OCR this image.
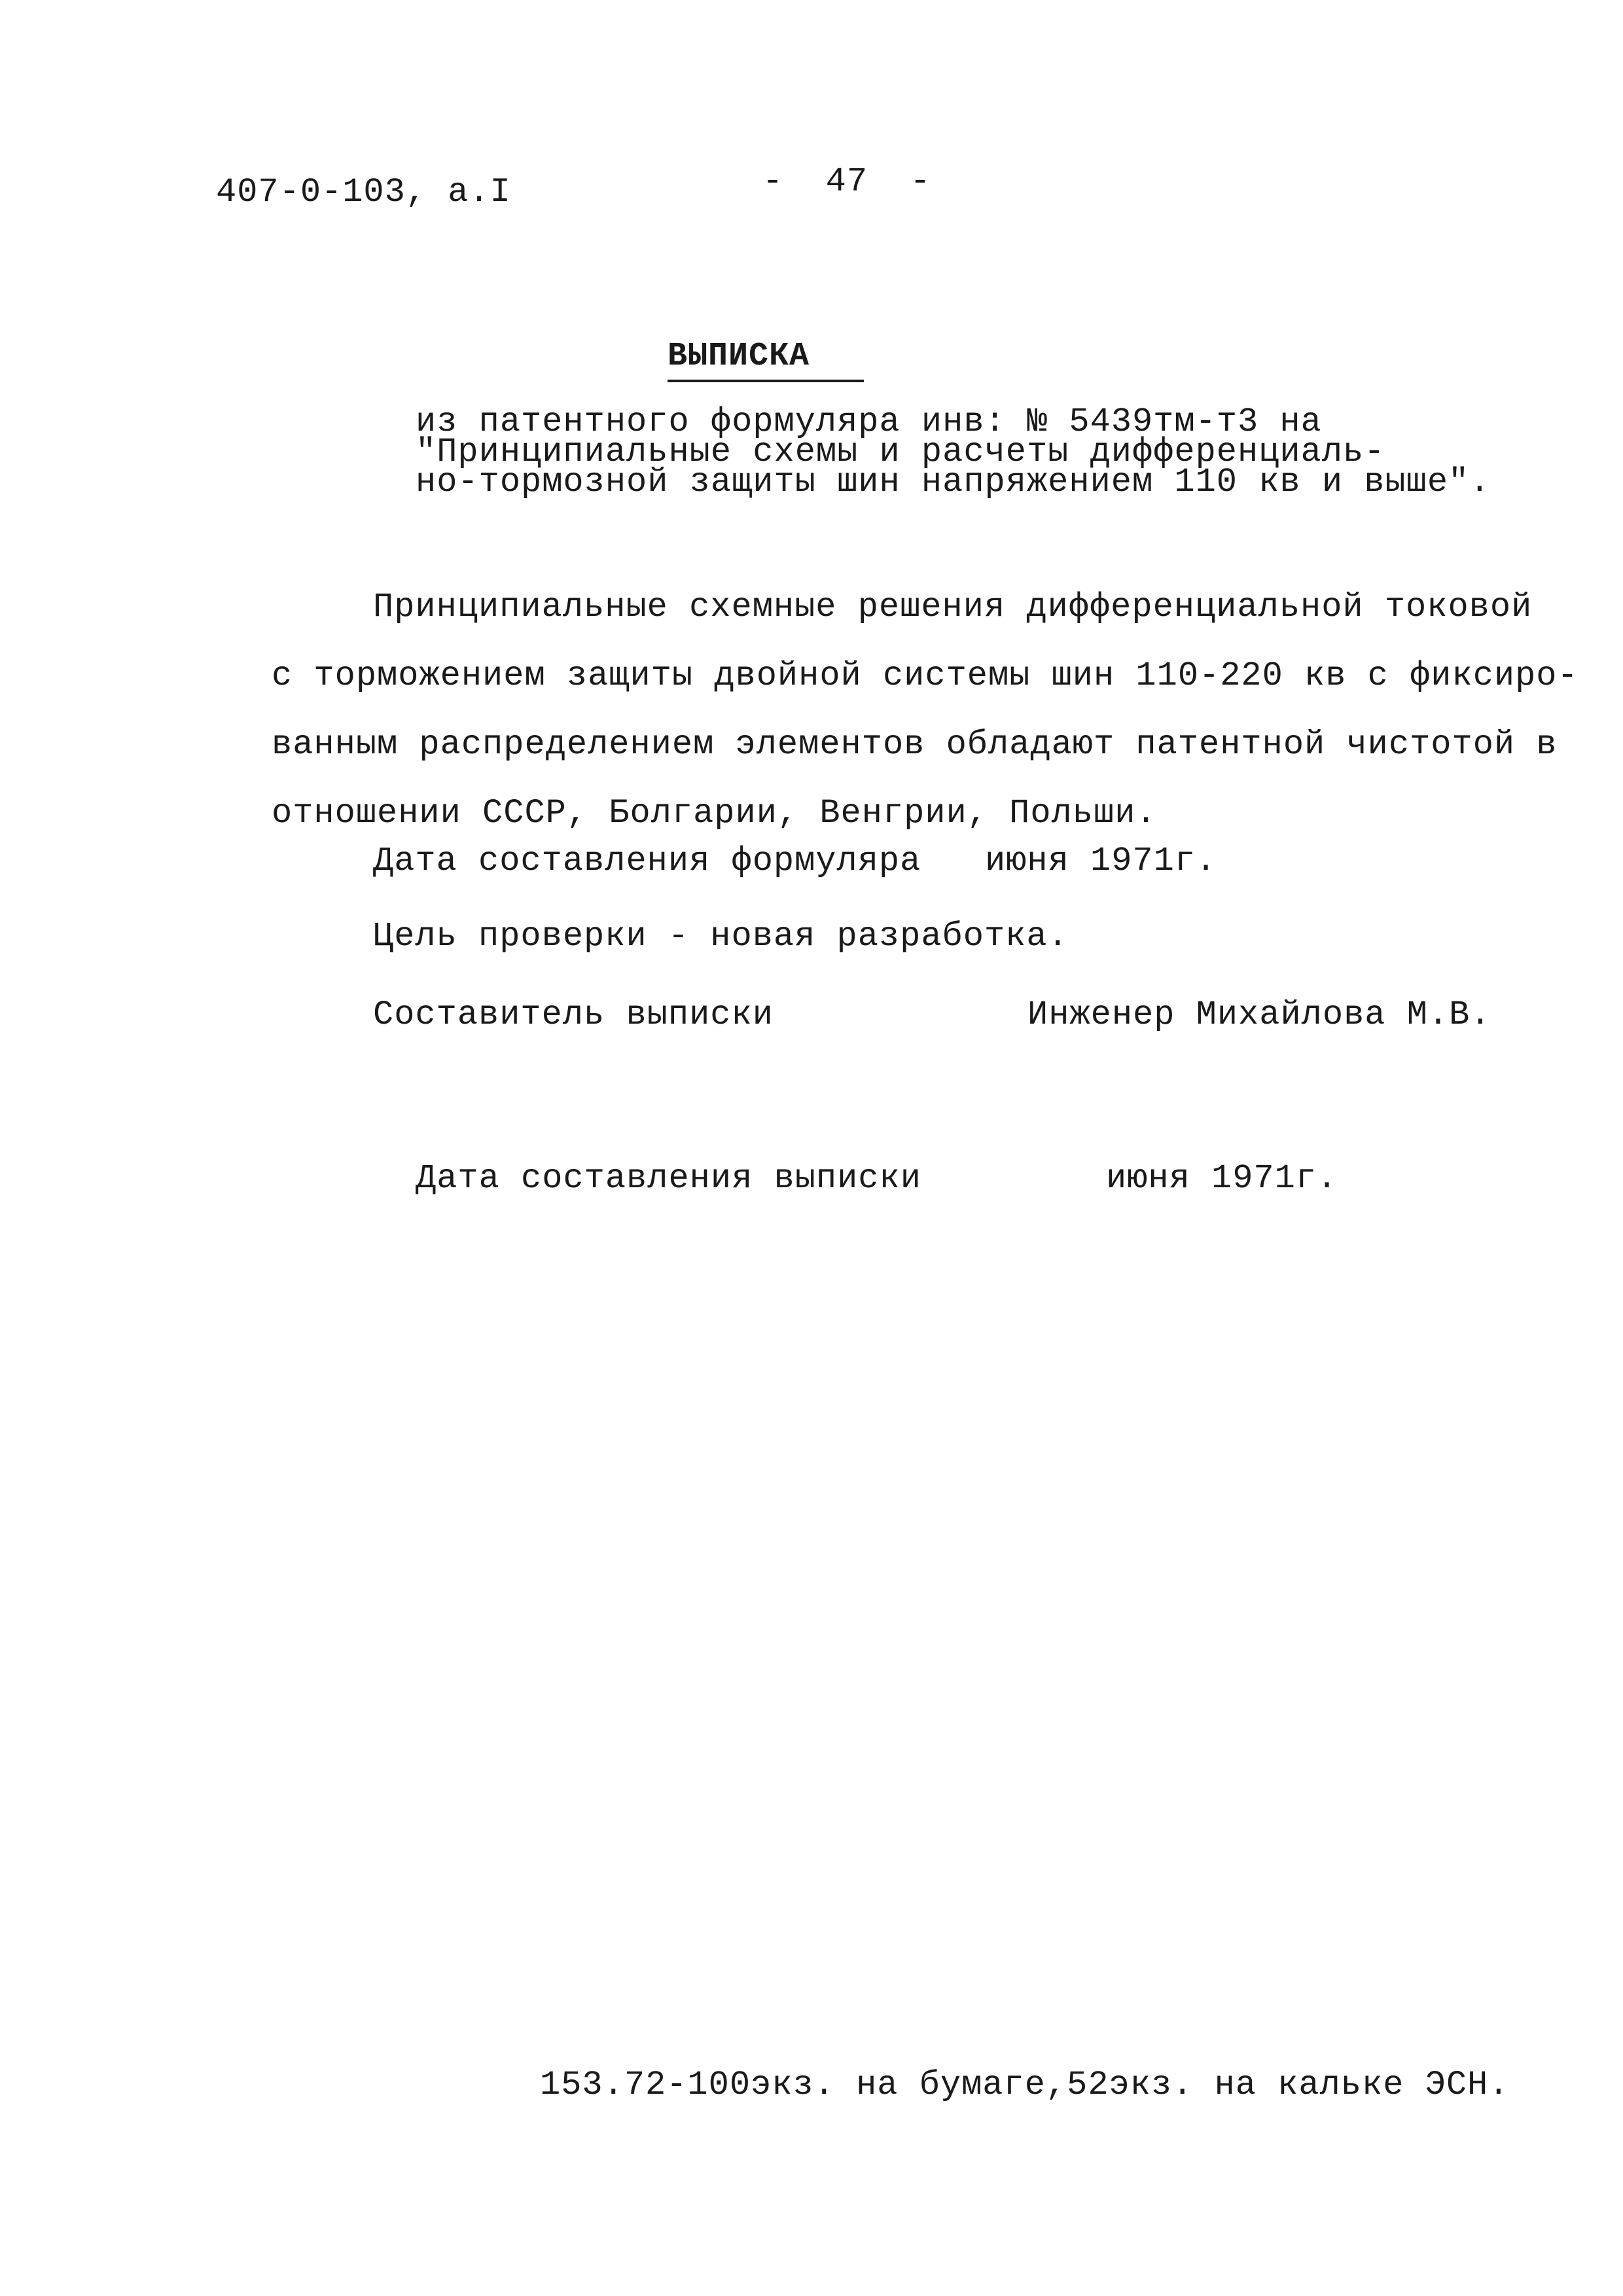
407-0-103, а.I	-  47  -
ВЫПИСКА
из патентного формуляра инв: № 5439тм-т3 на
"Принципиальные схемы и расчеты дифференциаль-
но-тормозной защиты шин напряжением 110 кв и выше".
Принципиальные схемные решения дифференциальной токовой
с торможением защиты двойной системы шин 110-220 кв с фиксиро-
ванным распределением элементов обладают патентной чистотой в
отношении СССР, Болгарии, Венгрии, Польши.
Дата составления формуляра июня 1971г.
Цель проверки - новая разработка.
Составитель выписки	Инженер Михайлова М.В.
Дата составления выписки	июня 1971г.
153.72-100экз. на бумаге,52экз. на кальке ЭСН.
